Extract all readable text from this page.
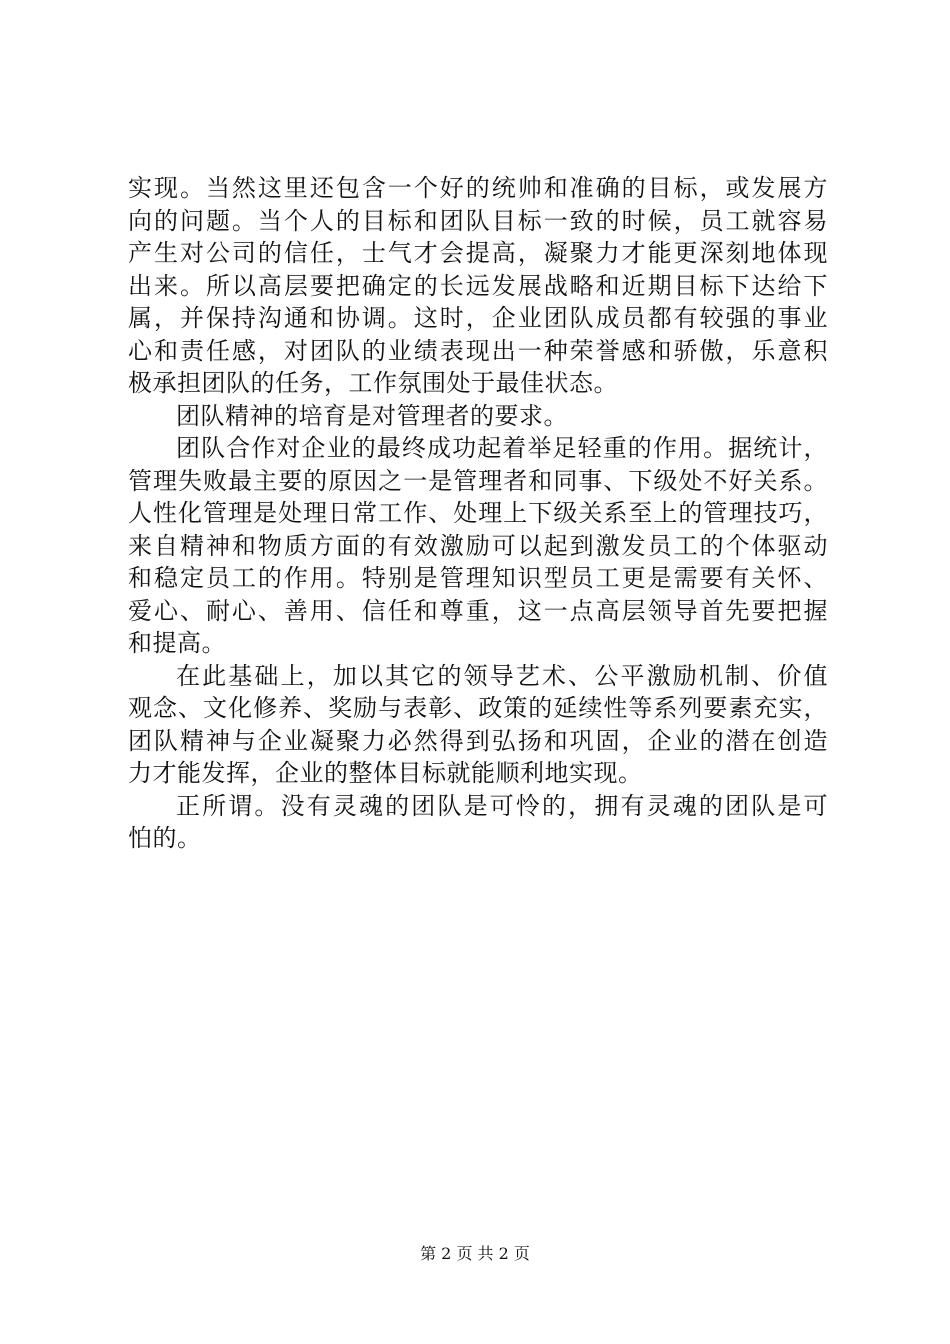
实现。当然这里还包含一个好的统帅和准确的目标，或发展方
向的问题。当个人的目标和团队目标一致的时候，员工就容易
产生对公司的信任，士气才会提高，凝聚力才能更深刻地体现
出来。所以高层要把确定的长远发展战略和近期目标下达给下
属，并保持沟通和协调。这时，企业团队成员都有较强的事业
心和责任感，对团队的业绩表现出一种荣誉感和骄傲，乐意积
极承担团队的任务，工作氛围处于最佳状态。
团队精神的培育是对管理者的要求。
团队合作对企业的最终成功起着举足轻重的作用。据统计，
管理失败最主要的原因之一是管理者和同事、下级处不好关系。
人性化管理是处理日常工作、处理上下级关系至上的管理技巧，
来自精神和物质方面的有效激励可以起到激发员工的个体驱动
和稳定员工的作用。特别是管理知识型员工更是需要有关怀、
爱心、耐心、善用、信任和尊重，这一点高层领导首先要把握
和提高。
在此基础上，加以其它的领导艺术、公平激励机制、价值
观念、文化修养、奖励与表彰、政策的延续性等系列要素充实，
团队精神与企业凝聚力必然得到弘扬和巩固，企业的潜在创造
力才能发挥，企业的整体目标就能顺利地实现。
正所谓。没有灵魂的团队是可怜的，拥有灵魂的团队是可
怕的。
第 2 页 共 2 页
